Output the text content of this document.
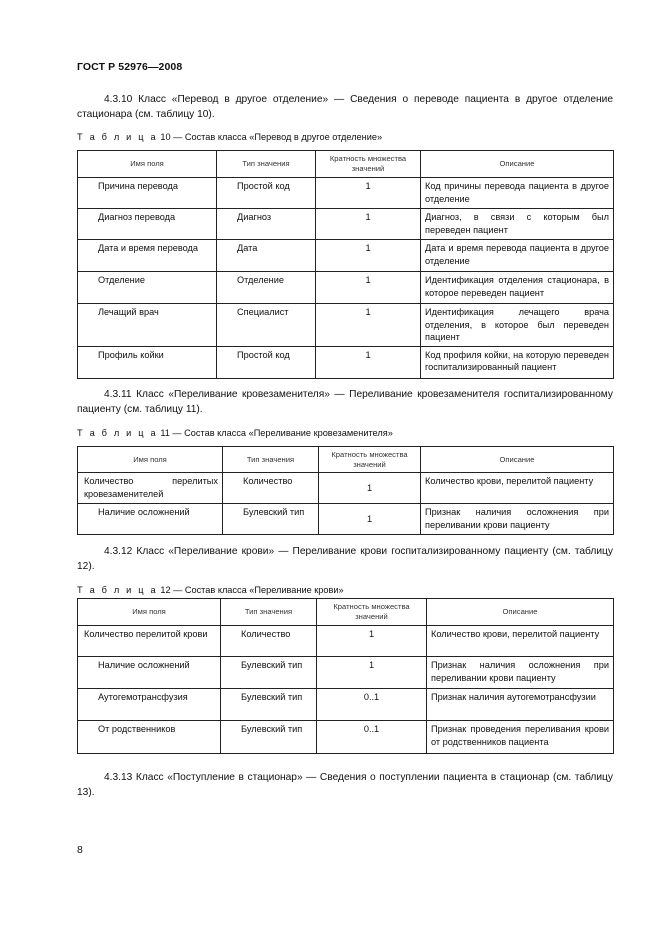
ГОСТ Р 52976—2008
4.3.10 Класс «Перевод в другое отделение» — Сведения о переводе пациента в другое отделение стационара (см. таблицу 10).
Т а б л и ц а 10 — Состав класса «Перевод в другое отделение»
Имя поля	Тип значения	Кратность множества значений	Описание
Причина перевода	Простой код	1	Код причины перевода пациента в другое отделение
Диагноз перевода	Диагноз	1	Диагноз, в связи с которым был переведен пациент
Дата и время перевода	Дата	1	Дата и время перевода пациента в другое отделение
Отделение	Отделение	1	Идентификация отделения стационара, в которое переведен пациент
Лечащий врач	Специалист	1	Идентификация лечащего врача отделения, в которое был переведен пациент
Профиль койки	Простой код	1	Код профиля койки, на которую переведен госпитализированный пациент
4.3.11 Класс «Переливание кровезаменителя» — Переливание кровезаменителя госпитализированному пациенту (см. таблицу 11).
Т а б л и ц а 11 — Состав класса «Переливание кровезаменителя»
Имя поля	Тип значения	Кратность множества значений	Описание
Количество перелитых кровезаменителей	Количество	1	Количество крови, перелитой пациенту
Наличие осложнений	Булевский тип	1	Признак наличия осложнения при переливании крови пациенту
4.3.12 Класс «Переливание крови» — Переливание крови госпитализированному пациенту (см. таблицу 12).
Т а б л и ц а 12 — Состав класса «Переливание крови»
Имя поля	Тип значения	Кратность множества значений	Описание
Количество перелитой крови	Количество	1	Количество крови, перелитой пациенту
Наличие осложнений	Булевский тип	1	Признак наличия осложнения при переливании крови пациенту
Аутогемотрансфузия	Булевский тип	0..1	Признак наличия аутогемотрансфузии
От родственников	Булевский тип	0..1	Признак проведения переливания крови от родственников пациента
4.3.13 Класс «Поступление в стационар» — Сведения о поступлении пациента в стационар (см. таблицу 13).
8
